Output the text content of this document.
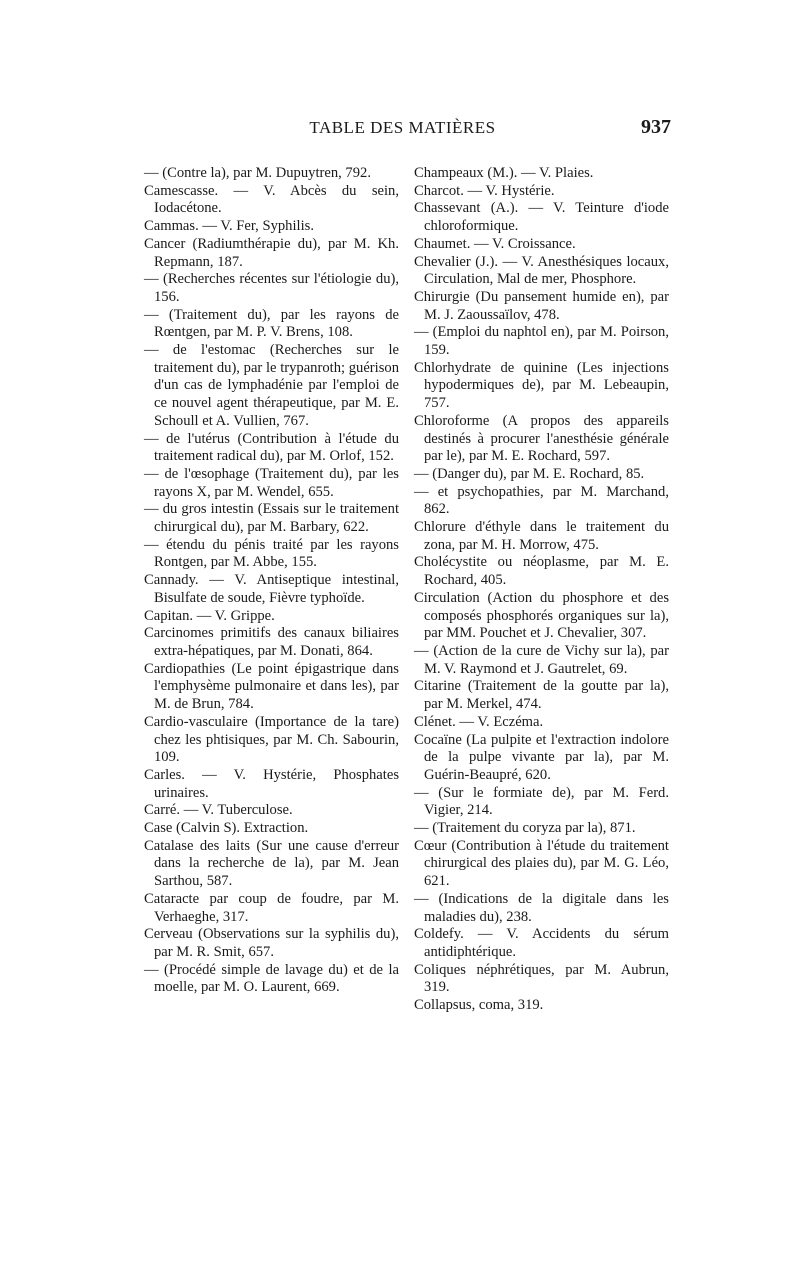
TABLE DES MATIÈRES	937

— (Contre la), par M. Dupuytren, 792.

Camescasse. — V. Abcès du sein, Iodacétone.

Cammas. — V. Fer, Syphilis.

Cancer (Radiumthérapie du), par M. Kh. Repmann, 187.

— (Recherches récentes sur l'étiologie du), 156.

— (Traitement du), par les rayons de Rœntgen, par M. P. V. Brens, 108.

— de l'estomac (Recherches sur le traitement du), par le trypanroth; guérison d'un cas de lymphadénie par l'emploi de ce nouvel agent thérapeutique, par M. E. Schoull et A. Vullien, 767.

— de l'utérus (Contribution à l'étude du traitement radical du), par M. Orlof, 152.

— de l'œsophage (Traitement du), par les rayons X, par M. Wendel, 655.

— du gros intestin (Essais sur le traitement chirurgical du), par M. Barbary, 622.

— étendu du pénis traité par les rayons Rontgen, par M. Abbe, 155.

Cannady. — V. Antiseptique intestinal, Bisulfate de soude, Fièvre typhoïde.

Capitan. — V. Grippe.

Carcinomes primitifs des canaux biliaires extra-hépatiques, par M. Donati, 864.

Cardiopathies (Le point épigastrique dans l'emphysème pulmonaire et dans les), par M. de Brun, 784.

Cardio-vasculaire (Importance de la tare) chez les phtisiques, par M. Ch. Sabourin, 109.

Carles. — V. Hystérie, Phosphates urinaires.

Carré. — V. Tuberculose.

Case (Calvin S). Extraction.

Catalase des laits (Sur une cause d'erreur dans la recherche de la), par M. Jean Sarthou, 587.

Cataracte par coup de foudre, par M. Verhaeghe, 317.

Cerveau (Observations sur la syphilis du), par M. R. Smit, 657.

— (Procédé simple de lavage du) et de la moelle, par M. O. Laurent, 669.

Champeaux (M.). — V. Plaies.

Charcot. — V. Hystérie.

Chassevant (A.). — V. Teinture d'iode chloroformique.

Chaumet. — V. Croissance.

Chevalier (J.). — V. Anesthésiques locaux, Circulation, Mal de mer, Phosphore.

Chirurgie (Du pansement humide en), par M. J. Zaoussaïlov, 478.

— (Emploi du naphtol en), par M. Poirson, 159.

Chlorhydrate de quinine (Les injections hypodermiques de), par M. Lebeaupin, 757.

Chloroforme (A propos des appareils destinés à procurer l'anesthésie générale par le), par M. E. Rochard, 597.

— (Danger du), par M. E. Rochard, 85.

— et psychopathies, par M. Marchand, 862.

Chlorure d'éthyle dans le traitement du zona, par M. H. Morrow, 475.

Cholécystite ou néoplasme, par M. E. Rochard, 405.

Circulation (Action du phosphore et des composés phosphorés organiques sur la), par MM. Pouchet et J. Chevalier, 307.

— (Action de la cure de Vichy sur la), par M. V. Raymond et J. Gautrelet, 69.

Citarine (Traitement de la goutte par la), par M. Merkel, 474.

Clénet. — V. Eczéma.

Cocaïne (La pulpite et l'extraction indolore de la pulpe vivante par la), par M. Guérin-Beaupré, 620.

— (Sur le formiate de), par M. Ferd. Vigier, 214.

— (Traitement du coryza par la), 871.

Cœur (Contribution à l'étude du traitement chirurgical des plaies du), par M. G. Léo, 621.

— (Indications de la digitale dans les maladies du), 238.

Coldefy. — V. Accidents du sérum antidiphtérique.

Coliques néphrétiques, par M. Aubrun, 319.

Collapsus, coma, 319.
